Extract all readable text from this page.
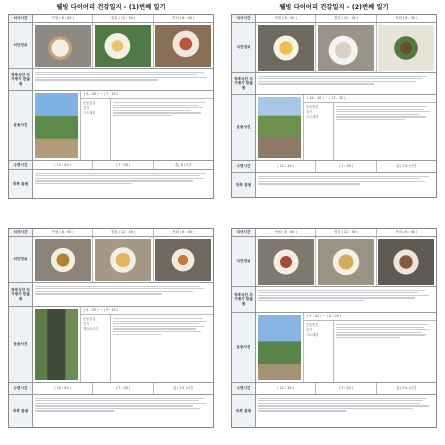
웰빙 다이어리 건강일지 - (1)번째 일기
식사시간	아침 ( 8 : 45 )	점심 ( 12 : 30 )	저녁 ( 6 : 30 )
식단정보
하루식단 자가평가 한줄평
운동사진
( 6 : 30 ) ~ ( 7 : 30 )
운동종류
걷기
스트레칭
수면시간	( 11 : 00 )	( 7 : 00 )	총( 8 )시간
하루 총평
웰빙 다이어리 건강일지 - (2)번째 일기
식사시간	아침 ( 8 : 30 )	점심 ( 12 : 30 )	저녁 ( 6 : 30 )
식단정보
하루식단 자가평가 한줄평
운동사진
( 16 : 30 ) ~ ( 17 : 30 )
운동종류
걷기
스트레칭
수면시간	( 11 : 30 )	( 7 : 00 )	총( 7.5 )시간
하루 총평
식사시간	아침 ( 8 : 40 )	점심 ( 12 : 30 )	저녁 ( 6 : 30 )
식단정보
하루식단 자가평가 한줄평
운동사진
( 4 : 30 ) ~ ( 5 : 30 )
운동종류
걷기
계단오르기
수면시간	( 12 : 00 )	( 7 : 30 )	총( 7.5 )시간
하루 총평
식사시간	아침 ( 8 : 30 )	점심 ( 12 : 30 )	저녁 ( 6 : 40 )
식단정보
하루식단 자가평가 한줄평
운동사진
( 5 : 00 ) ~ ( 6 : 00 )
운동종류
걷기
스트레칭
수면시간	( 11 : 30 )	( 7 : 00 )	총( 7.5 )시간
하루 총평
